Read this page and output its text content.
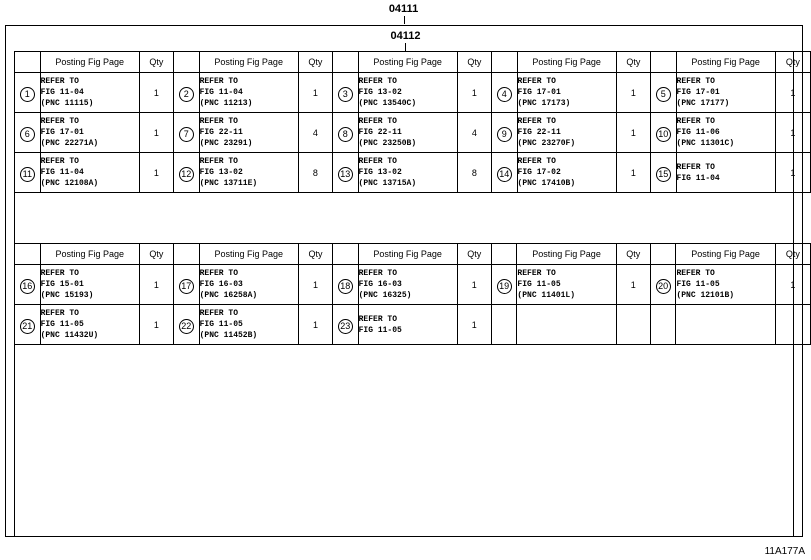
04111
04112
	Posting Fig Page	Qty		Posting Fig Page	Qty		Posting Fig Page	Qty		Posting Fig Page	Qty		Posting Fig Page	Qty
1	REFER TO
FIG 11-04
(PNC 11115)	1	2	REFER TO
FIG 11-04
(PNC 11213)	1	3	REFER TO
FIG 13-02
(PNC 13540C)	1	4	REFER TO
FIG 17-01
(PNC 17173)	1	5	REFER TO
FIG 17-01
(PNC 17177)	1
6	REFER TO
FIG 17-01
(PNC 22271A)	1	7	REFER TO
FIG 22-11
(PNC 23291)	4	8	REFER TO
FIG 22-11
(PNC 23250B)	4	9	REFER TO
FIG 22-11
(PNC 23270F)	1	10	REFER TO
FIG 11-06
(PNC 11301C)	1
11	REFER TO
FIG 11-04
(PNC 12108A)	1	12	REFER TO
FIG 13-02
(PNC 13711E)	8	13	REFER TO
FIG 13-02
(PNC 13715A)	8	14	REFER TO
FIG 17-02
(PNC 17410B)	1	15	REFER TO
FIG 11-04	1
	Posting Fig Page	Qty		Posting Fig Page	Qty		Posting Fig Page	Qty		Posting Fig Page	Qty		Posting Fig Page	Qty
16	REFER TO
FIG 15-01
(PNC 15193)	1	17	REFER TO
FIG 16-03
(PNC 16258A)	1	18	REFER TO
FIG 16-03
(PNC 16325)	1	19	REFER TO
FIG 11-05
(PNC 11401L)	1	20	REFER TO
FIG 11-05
(PNC 12101B)	1
21	REFER TO
FIG 11-05
(PNC 11432U)	1	22	REFER TO
FIG 11-05
(PNC 11452B)	1	23	REFER TO
FIG 11-05	1						
11A177A
